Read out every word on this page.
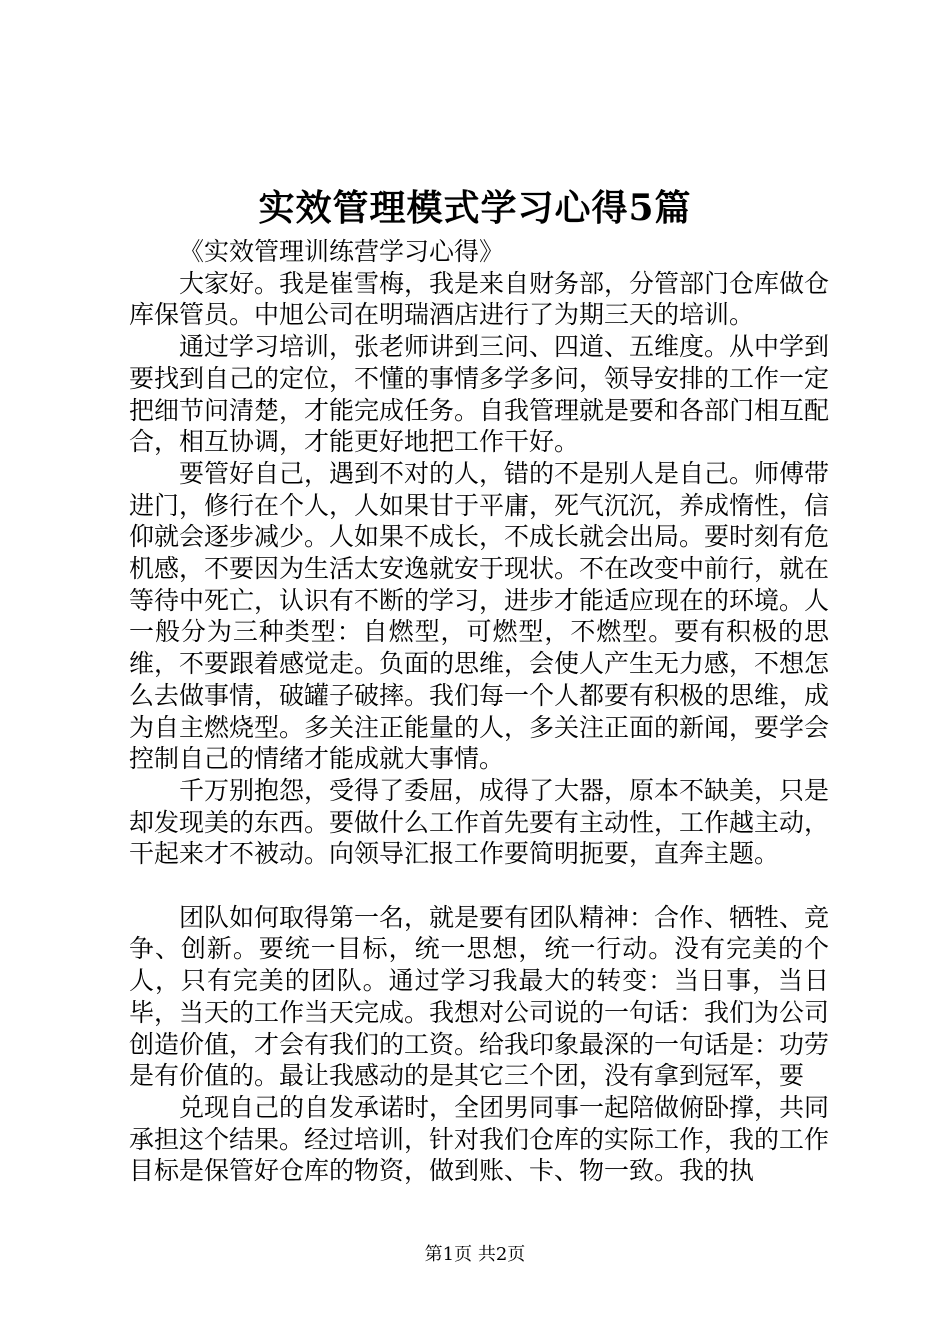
实效管理模式学习心得5篇

《实效管理训练营学习心得》

大家好。我是崔雪梅，我是来自财务部，分管部门仓库做仓库保管员。中旭公司在明瑞酒店进行了为期三天的培训。

通过学习培训，张老师讲到三问、四道、五维度。从中学到要找到自己的定位，不懂的事情多学多问，领导安排的工作一定把细节问清楚，才能完成任务。自我管理就是要和各部门相互配合，相互协调，才能更好地把工作干好。

要管好自己，遇到不对的人，错的不是别人是自己。师傅带进门，修行在个人，人如果甘于平庸，死气沉沉，养成惰性，信仰就会逐步减少。人如果不成长，不成长就会出局。要时刻有危机感，不要因为生活太安逸就安于现状。不在改变中前行，就在等待中死亡，认识有不断的学习，进步才能适应现在的环境。人一般分为三种类型：自燃型，可燃型，不燃型。要有积极的思维，不要跟着感觉走。负面的思维，会使人产生无力感，不想怎么去做事情，破罐子破摔。我们每一个人都要有积极的思维，成为自主燃烧型。多关注正能量的人，多关注正面的新闻，要学会控制自己的情绪才能成就大事情。

千万别抱怨，受得了委屈，成得了大器，原本不缺美，只是却发现美的东西。要做什么工作首先要有主动性，工作越主动，干起来才不被动。向领导汇报工作要简明扼要，直奔主题。

团队如何取得第一名，就是要有团队精神：合作、牺牲、竞争、创新。要统一目标，统一思想，统一行动。没有完美的个人，只有完美的团队。通过学习我最大的转变：当日事，当日毕，当天的工作当天完成。我想对公司说的一句话：我们为公司创造价值，才会有我们的工资。给我印象最深的一句话是：功劳是有价值的。最让我感动的是其它三个团，没有拿到冠军，要

兑现自己的自发承诺时，全团男同事一起陪做俯卧撑，共同承担这个结果。经过培训，针对我们仓库的实际工作，我的工作目标是保管好仓库的物资，做到账、卡、物一致。我的执

第1页 共2页
